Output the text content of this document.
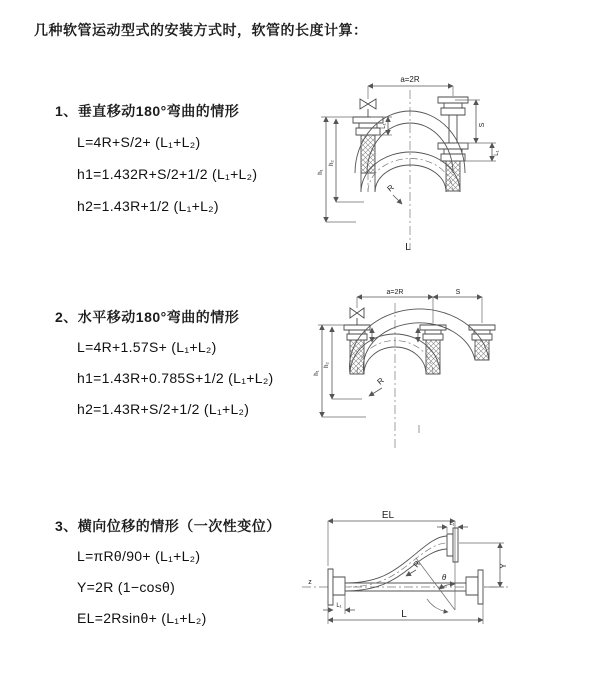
几种软管运动型式的安装方式时，软管的长度计算：
1、垂直移动180°弯曲的情形
L=4R+S/2+ (L₁+L₂)
h1=1.432R+S/2+1/2 (L₁+L₂)
h2=1.43R+1/2 (L₁+L₂)
2、水平移动180°弯曲的情形
L=4R+1.57S+ (L₁+L₂)
h1=1.43R+0.785S+1/2 (L₁+L₂)
h2=1.43R+S/2+1/2 (L₁+L₂)
3、横向位移的情形（一次性变位）
L=πRθ/90+ (L₁+L₂)
Y=2R (1−cosθ)
EL=2Rsinθ+ (L₁+L₂)
a=2R
S
L₁
L₁
h₁
h₂
R
L
a=2R	S
h₁
h₂
R
z
EL
L₁
θ
R	Y
L₁
L
